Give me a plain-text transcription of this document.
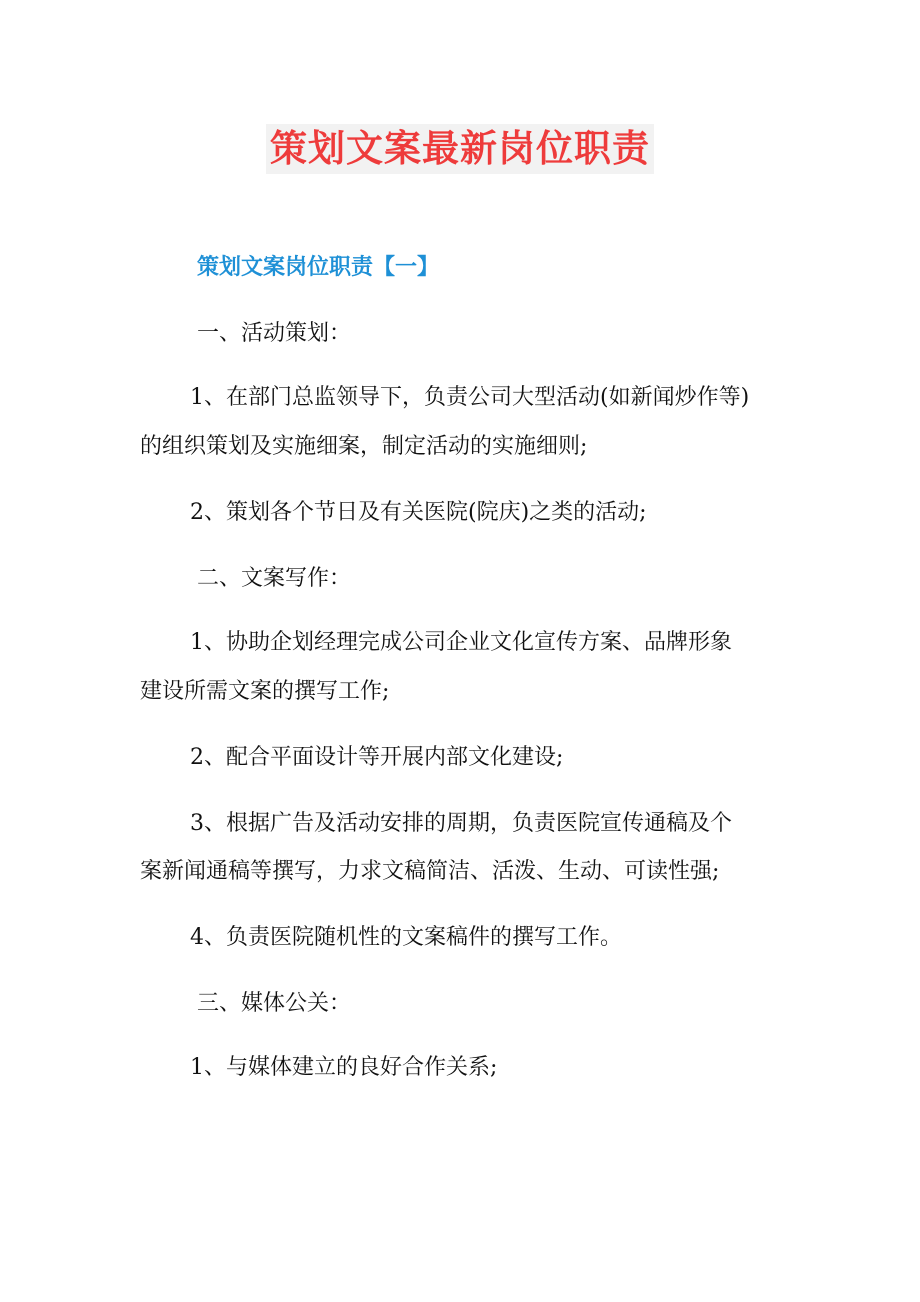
策划文案最新岗位职责
策划文案岗位职责【一】
一、活动策划：
1、在部门总监领导下，负责公司大型活动(如新闻炒作等)
的组织策划及实施细案，制定活动的实施细则;
2、策划各个节日及有关医院(院庆)之类的活动;
二、文案写作：
1、协助企划经理完成公司企业文化宣传方案、品牌形象
建设所需文案的撰写工作;
2、配合平面设计等开展内部文化建设;
3、根据广告及活动安排的周期，负责医院宣传通稿及个
案新闻通稿等撰写，力求文稿简洁、活泼、生动、可读性强;
4、负责医院随机性的文案稿件的撰写工作。
三、媒体公关：
1、与媒体建立的良好合作关系;
